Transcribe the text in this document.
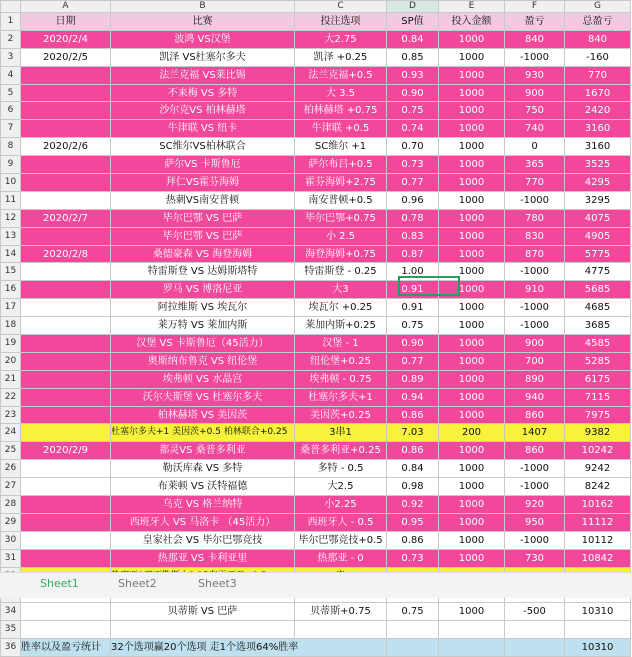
	A	B	C	D	E	F	G
1	日期	比赛	投注选项	SP值	投入金额	盈亏	总盈亏
2	2020/2/4	波鸿 VS汉堡	大2.75	0.84	1000	840	840
3	2020/2/5	凯泽 VS杜塞尔多夫	凯泽 +0.25	0.85	1000	-1000	-160
4		法兰克福 VS莱比锡	法兰克福+0.5	0.93	1000	930	770
5		不来梅 VS 多特	大 3.5	0.90	1000	900	1670
6		沙尔克VS 柏林赫塔	柏林赫塔 +0.75	0.75	1000	750	2420
7		牛津联 VS 纽卡	牛津联 +0.5	0.74	1000	740	3160
8	2020/2/6	SC维尔VS柏林联合	SC维尔 +1	0.70	1000	0	3160
9		萨尔VS 卡斯鲁厄	萨尔布吕+0.5	0.73	1000	365	3525
10		拜仁VS霍芬海姆	霍芬海姆+2.75	0.77	1000	770	4295
11		热刺VS南安普顿	南安普顿+0.5	0.96	1000	-1000	3295
12	2020/2/7	毕尔巴鄂 VS 巴萨	毕尔巴鄂+0.75	0.78	1000	780	4075
13		毕尔巴鄂 VS 巴萨	小 2.5	0.83	1000	830	4905
14	2020/2/8	桑德豪森 VS 海登海姆	海登海姆+0.75	0.87	1000	870	5775
15		特雷斯登 VS 达姆斯塔特	特雷斯登 - 0.25	1.00	1000	-1000	4775
16		罗马 VS 博洛尼亚	大3	0.91	1000	910	5685
17		阿拉维斯 VS 埃瓦尔	埃瓦尔 +0.25	0.91	1000	-1000	4685
18		莱万特 VS 莱加内斯	莱加内斯+0.25	0.75	1000	-1000	3685
19		汉堡 VS 卡斯鲁厄（45活力）	汉堡 - 1	0.90	1000	900	4585
20		奥斯纳布鲁克 VS 纽伦堡	纽伦堡+0.25	0.77	1000	700	5285
21		埃弗顿 VS 水晶宫	埃弗顿 - 0.75	0.89	1000	890	6175
22		沃尔夫斯堡 VS 杜塞尔多夫	杜塞尔多夫+1	0.94	1000	940	7115
23		柏林赫塔 VS 美因茨	美因茨+0.25	0.86	1000	860	7975
24		杜塞尔多夫+1 美因茨+0.5 柏林联合+0.25	3串1	7.03	200	1407	9382
25	2020/2/9	都灵VS 桑普多利亚	桑普多利亚+0.25	0.86	1000	860	10242
26		勒沃库森 VS 多特	多特 - 0.5	0.84	1000	-1000	9242
27		布莱顿 VS 沃特福德	大2.5	0.98	1000	-1000	8242
28		乌克 VS 格兰纳特	小2.25	0.92	1000	920	10162
29		西班牙人 VS 马洛卡 （45活力）	西班牙人 - 0.5	0.95	1000	950	11112
30		皇家社会 VS 毕尔巴鄂竞技	毕尔巴鄂竞技+0.5	0.86	1000	-1000	10112
31		热那亚 VS 卡利亚里	热那亚 - 0	0.73	1000	730	10842

34		贝蒂斯 VS 巴萨	贝蒂斯+0.75	0.75	1000	-500	10310
35							
36	胜率以及盈亏统计	32个选项赢20个选项 走1个选项64%胜率					10310
Sheet1	Sheet2	Sheet3
